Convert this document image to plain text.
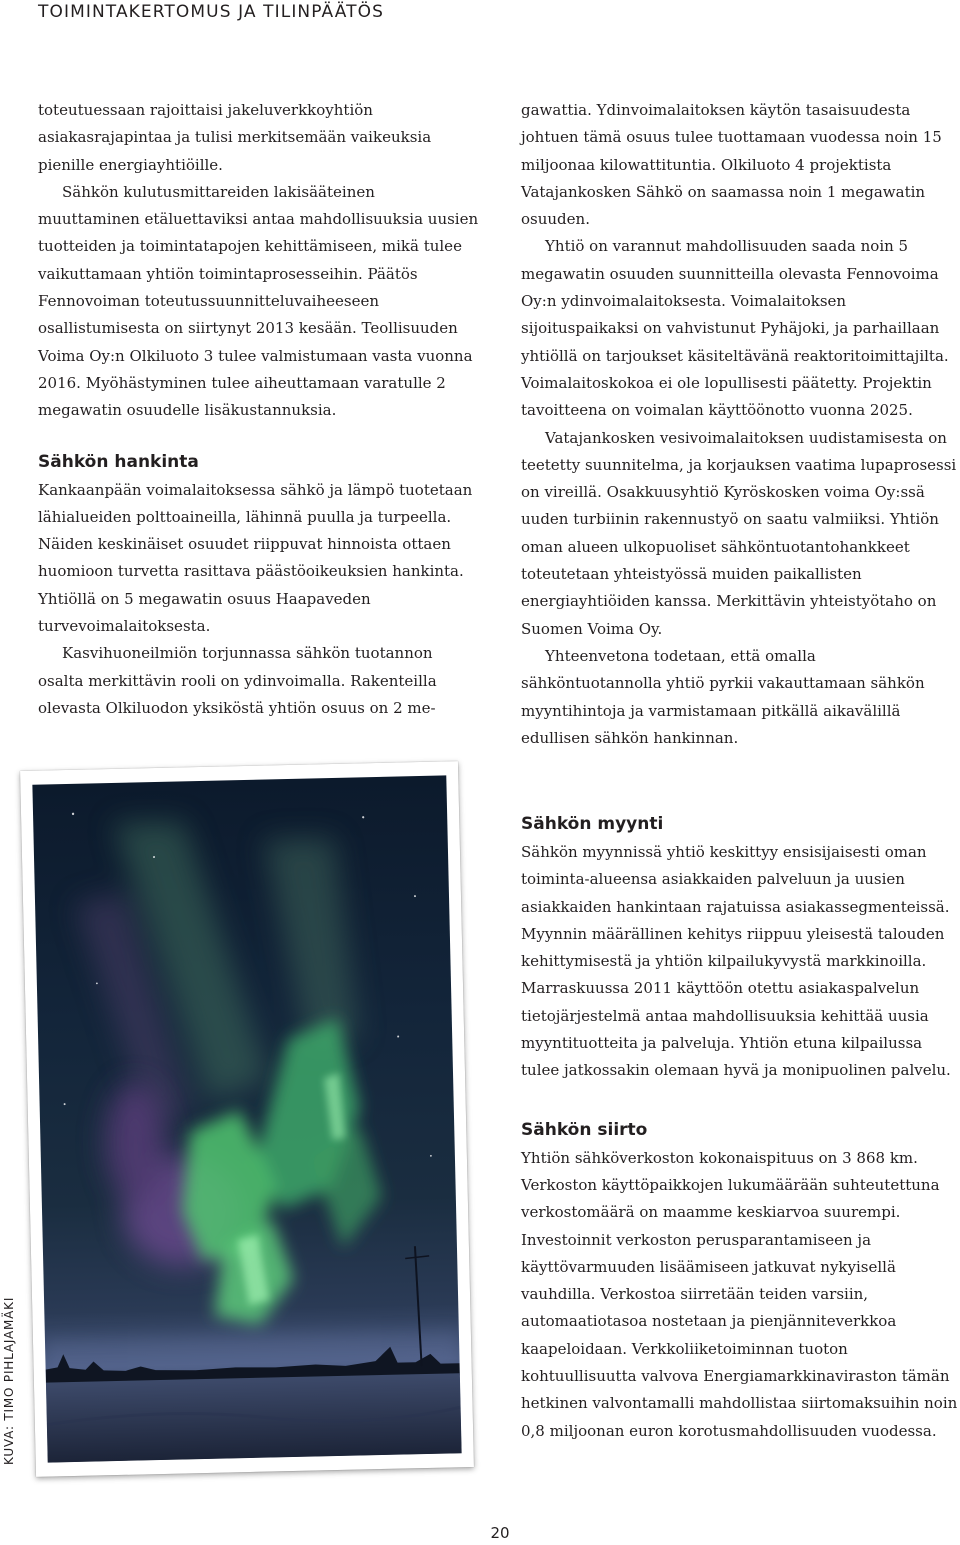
TOIMINTAKERTOMUS JA TILINPÄÄTÖS

toteutuessaan rajoittaisi jakeluverkkoyhtiön asiakasrajapintaa ja tulisi merkitsemään vaikeuksia pienille energiayhtiöille.

Sähkön kulutusmittareiden lakisääteinen muuttaminen etäluettaviksi antaa mahdollisuuksia uusien tuotteiden ja toimintatapojen kehittämiseen, mikä tulee vaikuttamaan yhtiön toimintaprosesseihin. Päätös Fennovoiman toteutussuunnitteluvaiheeseen osallistumisesta on siirtynyt 2013 kesään. Teollisuuden Voima Oy:n Olkiluoto 3 tulee valmistumaan vasta vuonna 2016. Myöhästyminen tulee aiheuttamaan varatulle 2 megawatin osuudelle lisäkustannuksia.

Sähkön hankinta

Kankaanpään voimalaitoksessa sähkö ja lämpö tuotetaan lähialueiden polttoaineilla, lähinnä puulla ja turpeella. Näiden keskinäiset osuudet riippuvat hinnoista ottaen huomioon turvetta rasittava päästöoikeuksien hankinta. Yhtiöllä on 5 megawatin osuus Haapaveden turvevoimalaitoksesta.

Kasvihuoneilmiön torjunnassa sähkön tuotannon osalta merkittävin rooli on ydinvoimalla. Rakenteilla olevasta Olkiluodon yksiköstä yhtiön osuus on 2 me-

gawattia. Ydinvoimalaitoksen käytön tasaisuudesta johtuen tämä osuus tulee tuottamaan vuodessa noin 15 miljoonaa kilowattituntia. Olkiluoto 4 projektista Vatajankosken Sähkö on saamassa noin 1 megawatin osuuden.

Yhtiö on varannut mahdollisuuden saada noin 5 megawatin osuuden suunnitteilla olevasta Fennovoima Oy:n ydinvoimalaitoksesta. Voimalaitoksen sijoituspaikaksi on vahvistunut Pyhäjoki, ja parhaillaan yhtiöllä on tarjoukset käsiteltävänä reaktoritoimittajilta. Voimalaitoskokoa ei ole lopullisesti päätetty. Projektin tavoitteena on voimalan käyttöönotto vuonna 2025.

Vatajankosken vesivoimalaitoksen uudistamisesta on teetetty suunnitelma, ja korjauksen vaatima lupaprosessi on vireillä. Osakkuusyhtiö Kyröskosken voima Oy:ssä uuden turbiinin rakennustyö on saatu valmiiksi. Yhtiön oman alueen ulkopuoliset sähköntuotantohankkeet toteutetaan yhteistyössä muiden paikallisten energiayhtiöiden kanssa. Merkittävin yhteistyötaho on Suomen Voima Oy.

Yhteenvetona todetaan, että omalla sähköntuotannolla yhtiö pyrkii vakauttamaan sähkön myyntihintoja ja varmistamaan pitkällä aikavälillä edullisen sähkön hankinnan.

Sähkön myynti

Sähkön myynnissä yhtiö keskittyy ensisijaisesti oman toiminta-alueensa asiakkaiden palveluun ja uusien asiakkaiden hankintaan rajatuissa asiakassegmenteissä. Myynnin määrällinen kehitys riippuu yleisestä talouden kehittymisestä ja yhtiön kilpailukyvystä markkinoilla. Marraskuussa 2011 käyttöön otettu asiakaspalvelun tietojärjestelmä antaa mahdollisuuksia kehittää uusia myyntituotteita ja palveluja. Yhtiön etuna kilpailussa tulee jatkossakin olemaan hyvä ja monipuolinen palvelu.

Sähkön siirto

Yhtiön sähköverkoston kokonaispituus on 3 868 km. Verkoston käyttöpaikkojen lukumäärään suhteutettuna verkostomäärä on maamme keskiarvoa suurempi. Investoinnit verkoston perusparantamiseen ja käyttövarmuuden lisäämiseen jatkuvat nykyisellä vauhdilla. Verkostoa siirretään teiden varsiin, automaatiotasoa nostetaan ja pienjänniteverkkoa kaapeloidaan. Verkkoliiketoiminnan tuoton kohtuullisuutta valvova Energiamarkkinaviraston tämän hetkinen valvontamalli mahdollistaa siirtomaksuihin noin 0,8 miljoonan euron korotusmahdollisuuden vuodessa.

KUVA: TIMO PIHLAJAMÄKI
20
